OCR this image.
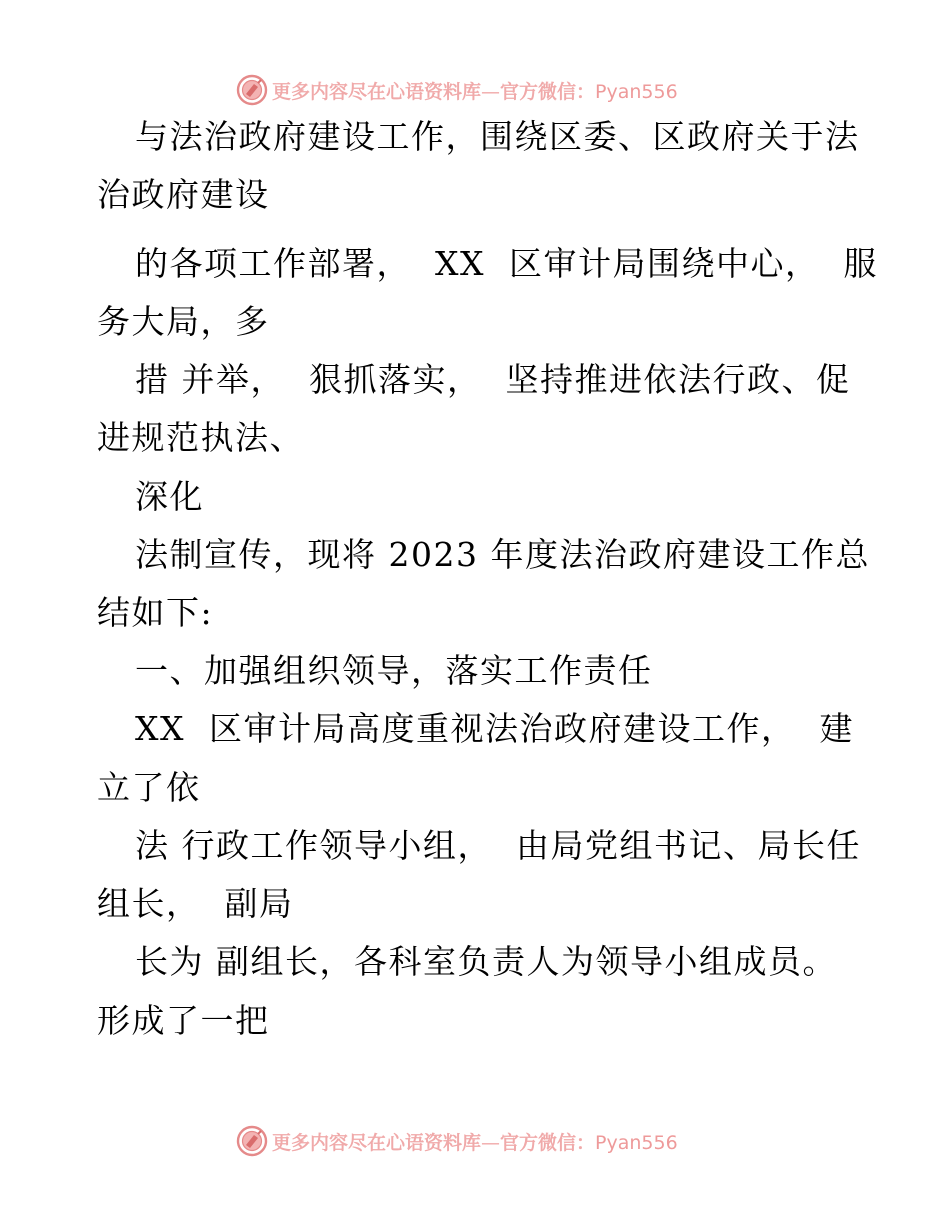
更多内容尽在心语资料库—官方微信：Pyan556
与法治政府建设工作，围绕区委、区政府关于法
治政府建设
的各项工作部署，  XX  区审计局围绕中心，  服
务大局，多
措 并举，  狠抓落实，  坚持推进依法行政、促
进规范执法、
深化
法制宣传，现将 2023 年度法治政府建设工作总
结如下:
一、加强组织领导，落实工作责任
XX  区审计局高度重视法治政府建设工作，  建
立了依
法 行政工作领导小组，  由局党组书记、局长任
组长，  副局
长为 副组长，各科室负责人为领导小组成员。
形成了一把
更多内容尽在心语资料库—官方微信：Pyan556
